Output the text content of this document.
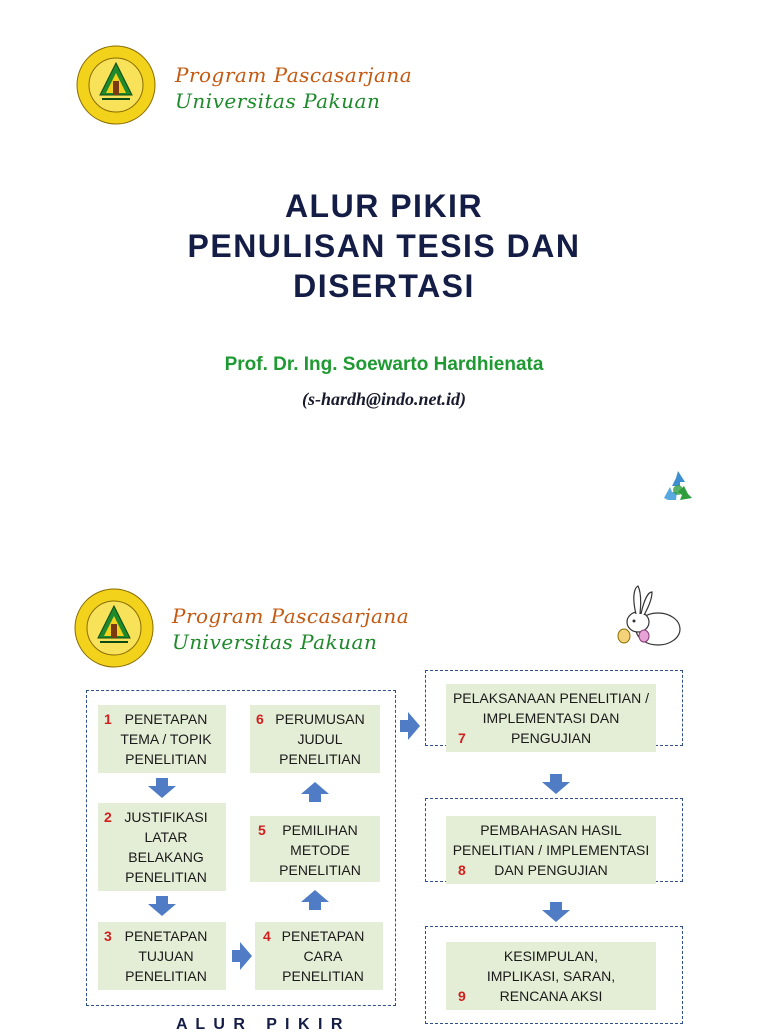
Program Pascasarjana
Universitas Pakuan
ALUR PIKIR
PENULISAN TESIS DAN
DISERTASI
Prof. Dr. Ing. Soewarto Hardhienata
(s-hardh@indo.net.id)
Program Pascasarjana
Universitas Pakuan
1 PENETAPAN
TEMA / TOPIK
PENELITIAN
2 JUSTIFIKASI
LATAR
BELAKANG
PENELITIAN
3 PENETAPAN
TUJUAN
PENELITIAN
4 PENETAPAN
CARA
PENELITIAN
5	PEMILIHAN
METODE
PENELITIAN
6 PERUMUSAN
JUDUL
PENELITIAN
PELAKSANAAN PENELITIAN /
IMPLEMENTASI DAN
PENGUJIAN
7
PEMBAHASAN HASIL
PENELITIAN / IMPLEMENTASI
DAN PENGUJIAN
8
KESIMPULAN,
IMPLIKASI, SARAN,
RENCANA AKSI
9
A L U R   P I K I R
